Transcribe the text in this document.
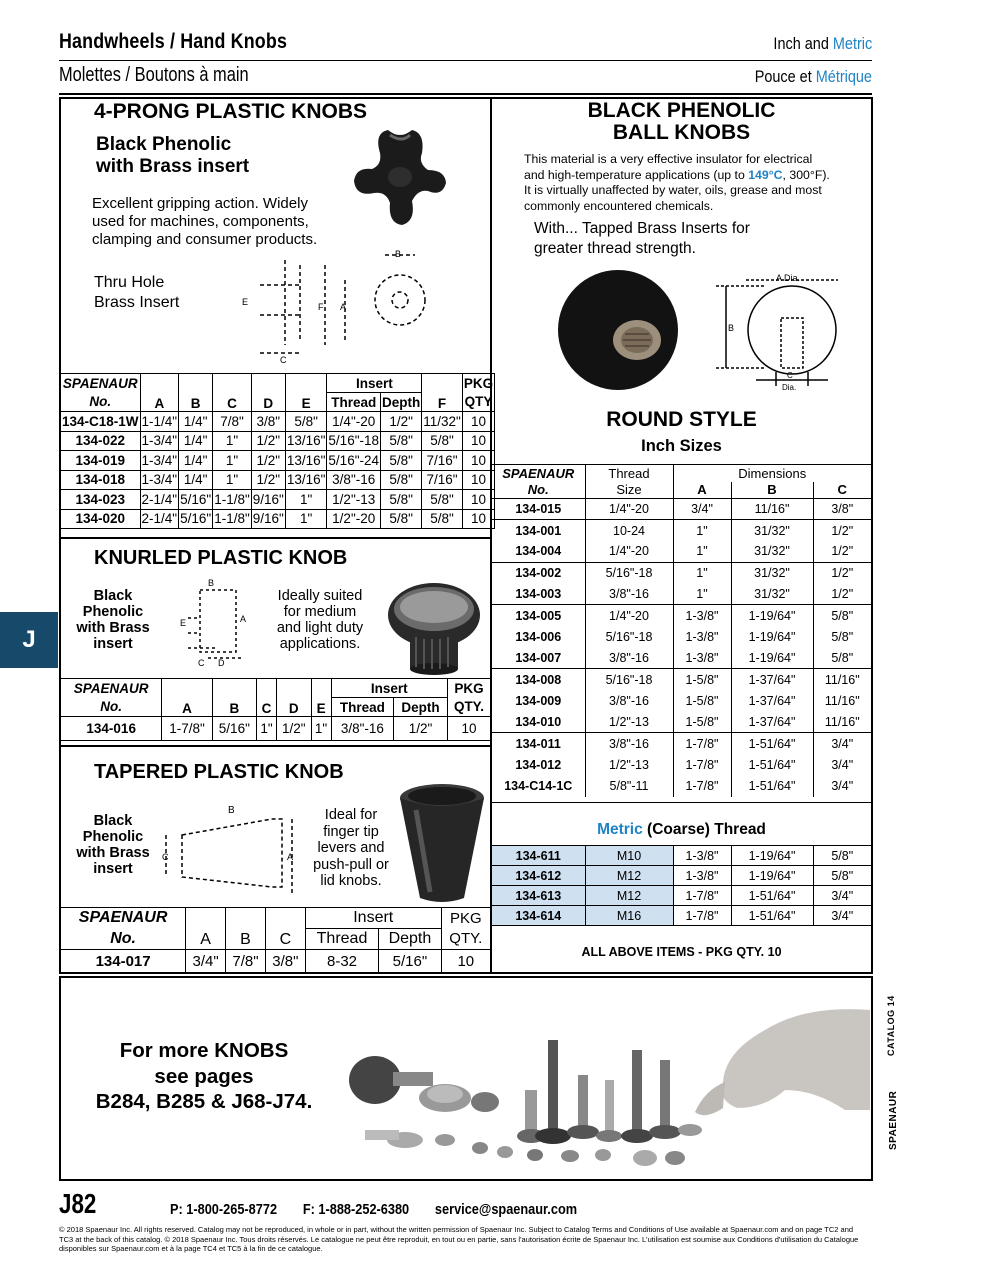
Handwheels / Hand Knobs	Inch and Metric
Molettes / Boutons à main	Pouce et Métrique
J
4-PRONG PLASTIC KNOBS
Black Phenolic
with Brass insert
Excellent gripping action. Widely
used for machines, components,
clamping and consumer products.
Thru Hole
Brass Insert	E
B
F A
C
SPAENAUR	A	B	C	D	E	Insert		F	PKG
No.						Thread	Depth		QTY
134-C18-1W	1-1/4"	1/4"	7/8"	3/8"	5/8"	1/4"-20	1/2"	11/32"	10
134-022	1-3/4"	1/4"	1"	1/2"	13/16"	5/16"-18	5/8"	5/8"	10
134-019	1-3/4"	1/4"	1"	1/2"	13/16"	5/16"-24	5/8"	7/16"	10
134-018	1-3/4"	1/4"	1"	1/2"	13/16"	3/8"-16	5/8"	7/16"	10
134-023	2-1/4"	5/16"	1-1/8"	9/16"	1"	1/2"-13	5/8"	5/8"	10
134-020	2-1/4"	5/16"	1-1/8"	9/16"	1"	1/2"-20	5/8"	5/8"	10
KNURLED PLASTIC KNOB
Black
Phenolic
with Brass
insert
B
E	A
C D
Ideally suited
for medium
and light duty
applications.
SPAENAUR	A	B	C	D	E	Insert		PKG
No.						Thread	Depth	QTY.
134-016	1-7/8"	5/16"	1"	1/2"	1"	3/8"-16	1/2"	10
TAPERED PLASTIC KNOB
Black
Phenolic
with Brass
insert
B
C	A
Ideal for
finger tip
levers and
push-pull or
lid knobs.
SPAENAUR	A	B	C	Insert		PKG
No.				Thread	Depth	QTY.
134-017	3/4"	7/8"	3/8"	8-32	5/16"	10
BLACK PHENOLIC
BALL KNOBS
This material is a very effective insulator for electrical
and high-temperature applications (up to 149°C, 300°F).
It is virtually unaffected by water, oils, grease and most
commonly encountered chemicals.
With... Tapped Brass Inserts for
greater thread strength.
A Dia.
B
C
Dia.
ROUND STYLE
Inch Sizes
SPAENAUR	Thread	Dimensions		
No.	Size	A	B	C
134-015	1/4"-20	3/4"	11/16"	3/8"
134-001	10-24	1"	31/32"	1/2"
134-004	1/4"-20	1"	31/32"	1/2"
134-002	5/16"-18	1"	31/32"	1/2"
134-003	3/8"-16	1"	31/32"	1/2"
134-005	1/4"-20	1-3/8"	1-19/64"	5/8"
134-006	5/16"-18	1-3/8"	1-19/64"	5/8"
134-007	3/8"-16	1-3/8"	1-19/64"	5/8"
134-008	5/16"-18	1-5/8"	1-37/64"	11/16"
134-009	3/8"-16	1-5/8"	1-37/64"	11/16"
134-010	1/2"-13	1-5/8"	1-37/64"	11/16"
134-011	3/8"-16	1-7/8"	1-51/64"	3/4"
134-012	1/2"-13	1-7/8"	1-51/64"	3/4"
134-C14-1C	5/8"-11	1-7/8"	1-51/64"	3/4"
Metric (Coarse) Thread
134-611	M10	1-3/8"	1-19/64"	5/8"
134-612	M12	1-3/8"	1-19/64"	5/8"
134-613	M12	1-7/8"	1-51/64"	3/4"
134-614	M16	1-7/8"	1-51/64"	3/4"
ALL ABOVE ITEMS - PKG QTY. 10
For more KNOBS
see pages
B284, B285 & J68-J74.
CATALOG 14
SPAENAUR
J82	P: 1-800-265-8772 F: 1-888-252-6380 service@spaenaur.com
© 2018 Spaenaur Inc. All rights reserved. Catalog may not be reproduced, in whole or in part, without the written permission of Spaenaur Inc. Subject to Catalog Terms and Conditions of Use available at Spaenaur.com and on page TC2 and
TC3 at the back of this catalog. © 2018 Spaenaur Inc. Tous droits réservés. Le catalogue ne peut être reproduit, en tout ou en partie, sans l'autorisation écrite de Spaenaur Inc. L'utilisation est soumise aux Conditions d'utilisation du Catalogue
disponibles sur Spaenaur.com et à la page TC4 et TC5 à la fin de ce catalogue.
